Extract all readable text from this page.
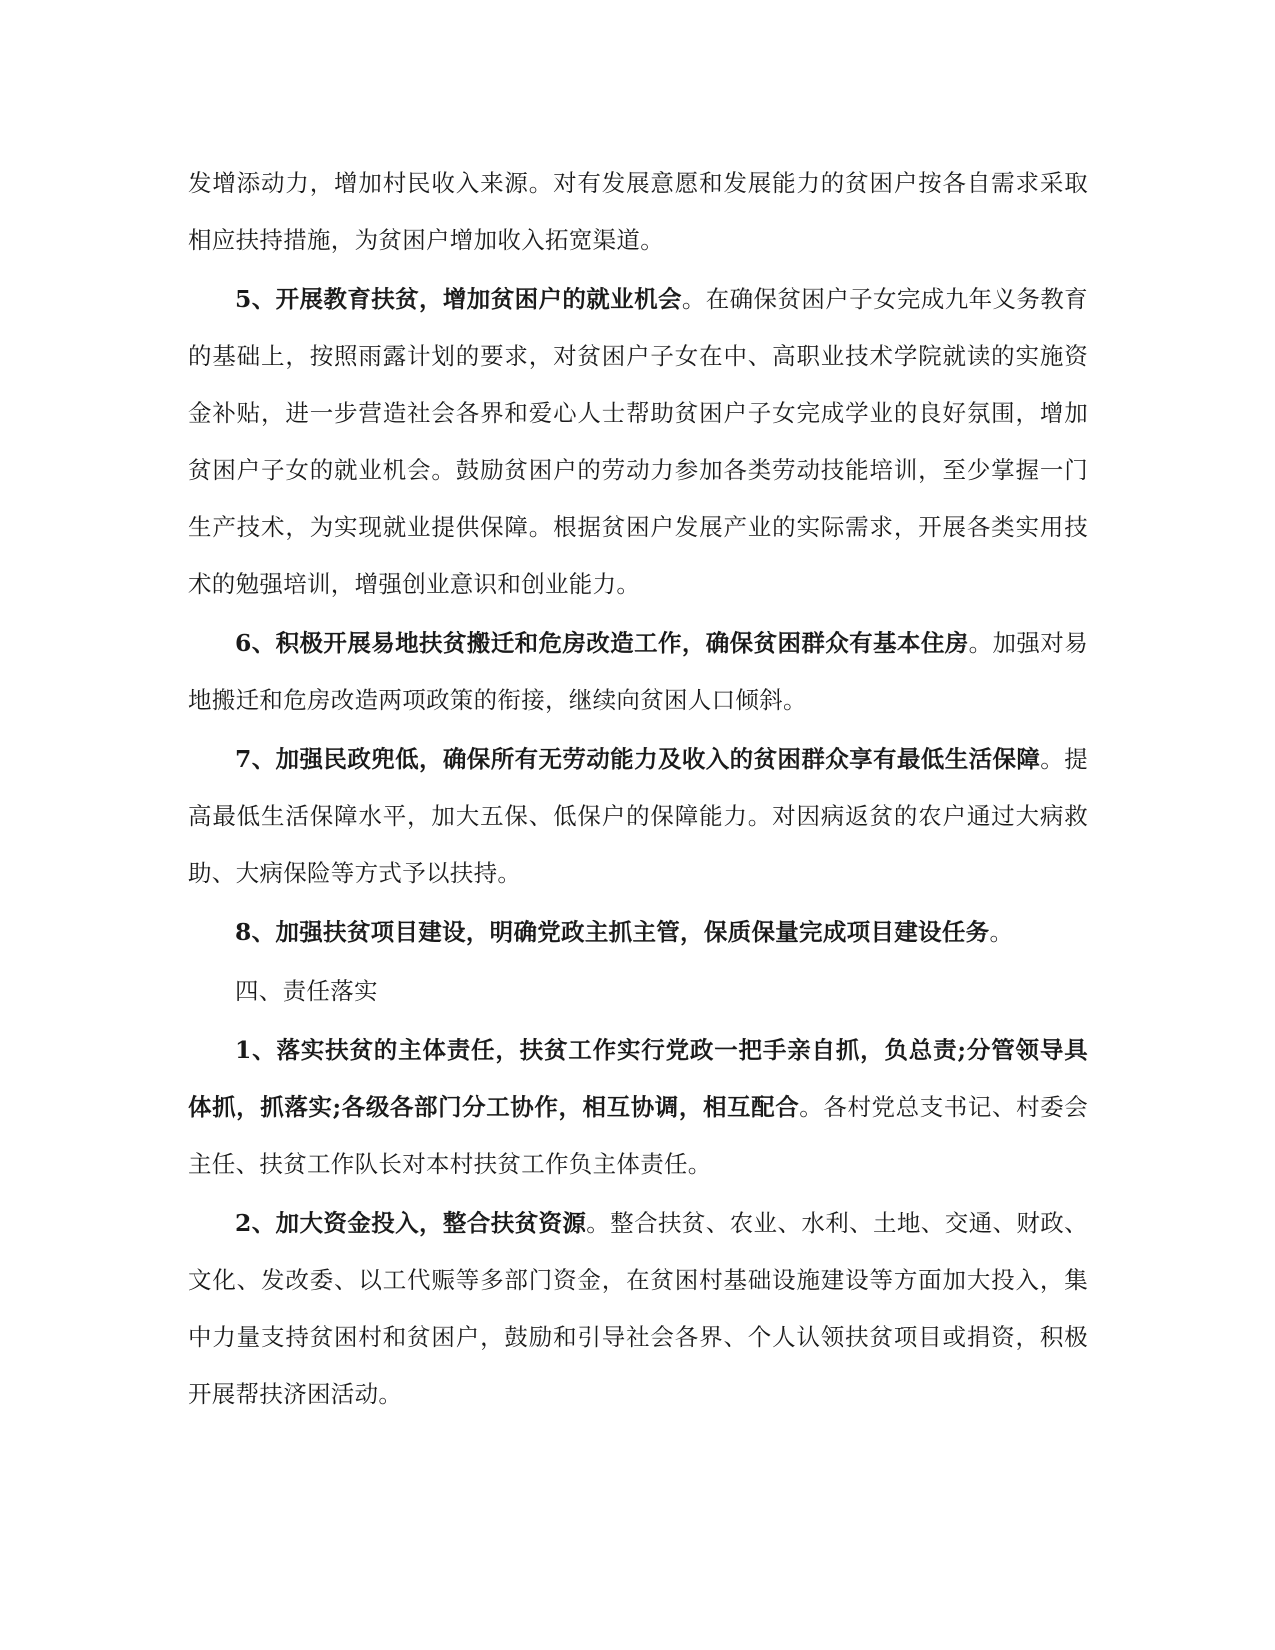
发增添动力，增加村民收入来源。对有发展意愿和发展能力的贫困户按各自需求采取相应扶持措施，为贫困户增加收入拓宽渠道。

5、开展教育扶贫，增加贫困户的就业机会。在确保贫困户子女完成九年义务教育的基础上，按照雨露计划的要求，对贫困户子女在中、高职业技术学院就读的实施资金补贴，进一步营造社会各界和爱心人士帮助贫困户子女完成学业的良好氛围，增加贫困户子女的就业机会。鼓励贫困户的劳动力参加各类劳动技能培训，至少掌握一门生产技术，为实现就业提供保障。根据贫困户发展产业的实际需求，开展各类实用技术的勉强培训，增强创业意识和创业能力。

6、积极开展易地扶贫搬迁和危房改造工作，确保贫困群众有基本住房。加强对易地搬迁和危房改造两项政策的衔接，继续向贫困人口倾斜。

7、加强民政兜低，确保所有无劳动能力及收入的贫困群众享有最低生活保障。提高最低生活保障水平，加大五保、低保户的保障能力。对因病返贫的农户通过大病救助、大病保险等方式予以扶持。

8、加强扶贫项目建设，明确党政主抓主管，保质保量完成项目建设任务。

四、责任落实

1、落实扶贫的主体责任，扶贫工作实行党政一把手亲自抓，负总责;分管领导具体抓，抓落实;各级各部门分工协作，相互协调，相互配合。各村党总支书记、村委会主任、扶贫工作队长对本村扶贫工作负主体责任。

2、加大资金投入，整合扶贫资源。整合扶贫、农业、水利、土地、交通、财政、文化、发改委、以工代赈等多部门资金，在贫困村基础设施建设等方面加大投入，集中力量支持贫困村和贫困户，鼓励和引导社会各界、个人认领扶贫项目或捐资，积极开展帮扶济困活动。
